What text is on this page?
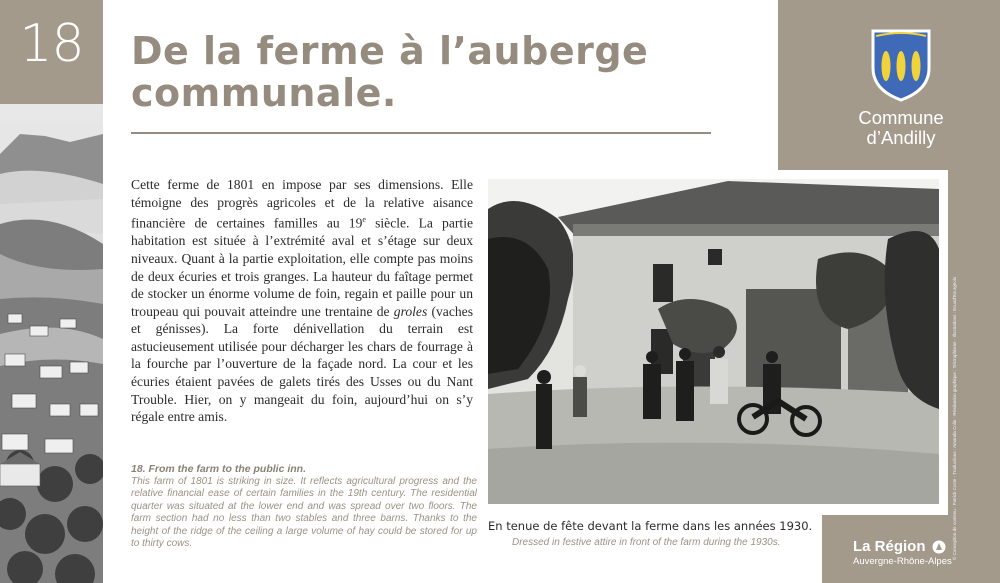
18
Commune
d’Andilly
De la ferme à l’auberge
communale.
Cette ferme de 1801 en impose par ses dimensions. Elle témoigne des progrès agricoles et de la relative aisance financière de certaines familles au 19e siècle. La partie habitation est située à l’extrémité aval et s’étage sur deux niveaux. Quant à la partie exploitation, elle compte pas moins de deux écuries et trois granges. La hauteur du faîtage permet de stocker un énorme volume de foin, regain et paille pour un troupeau qui pouvait atteindre une trentaine de groles (vaches et génisses). La forte dénivellation du terrain est astucieusement utilisée pour décharger les chars de fourrage à la fourche par l’ouverture de la façade nord. La cour et les écuries étaient pavées de galets tirés des Usses ou du Nant Trouble. Hier, on y mangeait du foin, aujourd’hui on s’y régale entre amis.
18. From the farm to the public inn.
This farm of 1801 is striking in size. It reflects agricultural progress and the relative financial ease of certain families in the 19th century. The residential quarter was situated at the lower end and was spread over two floors. The farm section had no less than two stables and three barns. Thanks to the height of the ridge of the ceiling a large volume of hay could be stored for up to thirty cows.
En tenue de fête devant la ferme dans les années 1930.
Dressed in festive attire in front of the farm during the 1930s.	La Région
Auvergne-Rhône-Alpes
© Conception de contenu : Patrick Coste · Traductions : Amanda Colin · Réalisation graphique : TriGraphisme · Illustrations : Ecuad'Bourgeois
